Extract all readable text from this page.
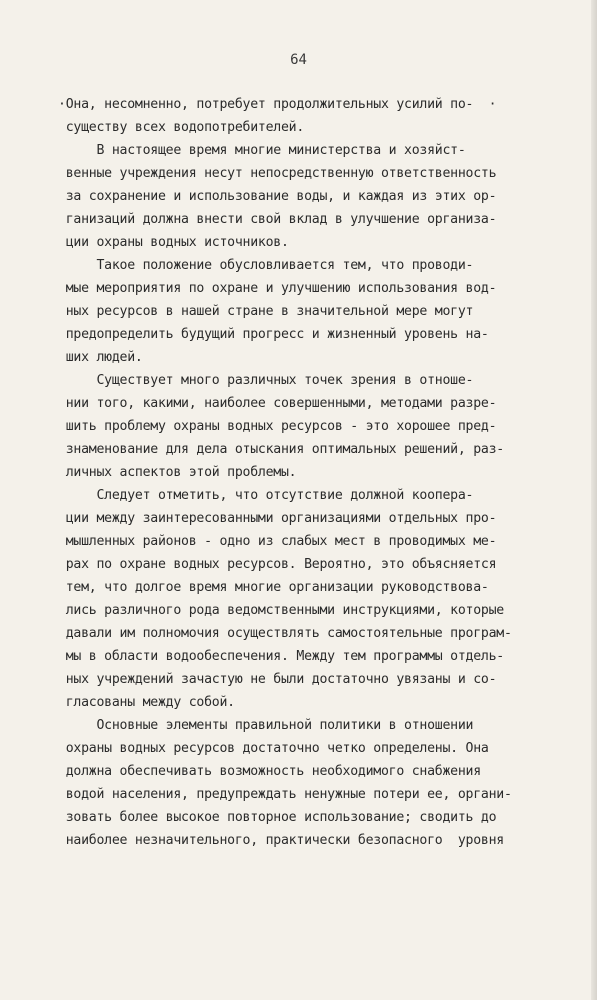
64
·Она, несомненно, потребует продолжительных усилий по-  ·
существу всех водопотребителей.
В настоящее время многие министерства и хозяйст-
венные учреждения несут непосредственную ответственность
за сохранение и использование воды, и каждая из этих ор-
ганизаций должна внести свой вклад в улучшение организа-
ции охраны водных источников.
Такое положение обусловливается тем, что проводи-
мые мероприятия по охране и улучшению использования вод-
ных ресурсов в нашей стране в значительной мере могут
предопределить будущий прогресс и жизненный уровень на-
ших людей.
Существует много различных точек зрения в отноше-
нии того, какими, наиболее совершенными, методами разре-
шить проблему охраны водных ресурсов - это хорошее пред-
знаменование для дела отыскания оптимальных решений, раз-
личных аспектов этой проблемы.
Следует отметить, что отсутствие должной коопера-
ции между заинтересованными организациями отдельных про-
мышленных районов - одно из слабых мест в проводимых ме-
рах по охране водных ресурсов. Вероятно, это объясняется
тем, что долгое время многие организации руководствова-
лись различного рода ведомственными инструкциями, которые
давали им полномочия осуществлять самостоятельные програм-
мы в области водообеспечения. Между тем программы отдель-
ных учреждений зачастую не были достаточно увязаны и со-
гласованы между собой.
Основные элементы правильной политики в отношении
охраны водных ресурсов достаточно четко определены. Она
должна обеспечивать возможность необходимого снабжения
водой населения, предупреждать ненужные потери ее, органи-
зовать более высокое повторное использование; сводить до
наиболее незначительного, практически безопасного  уровня
